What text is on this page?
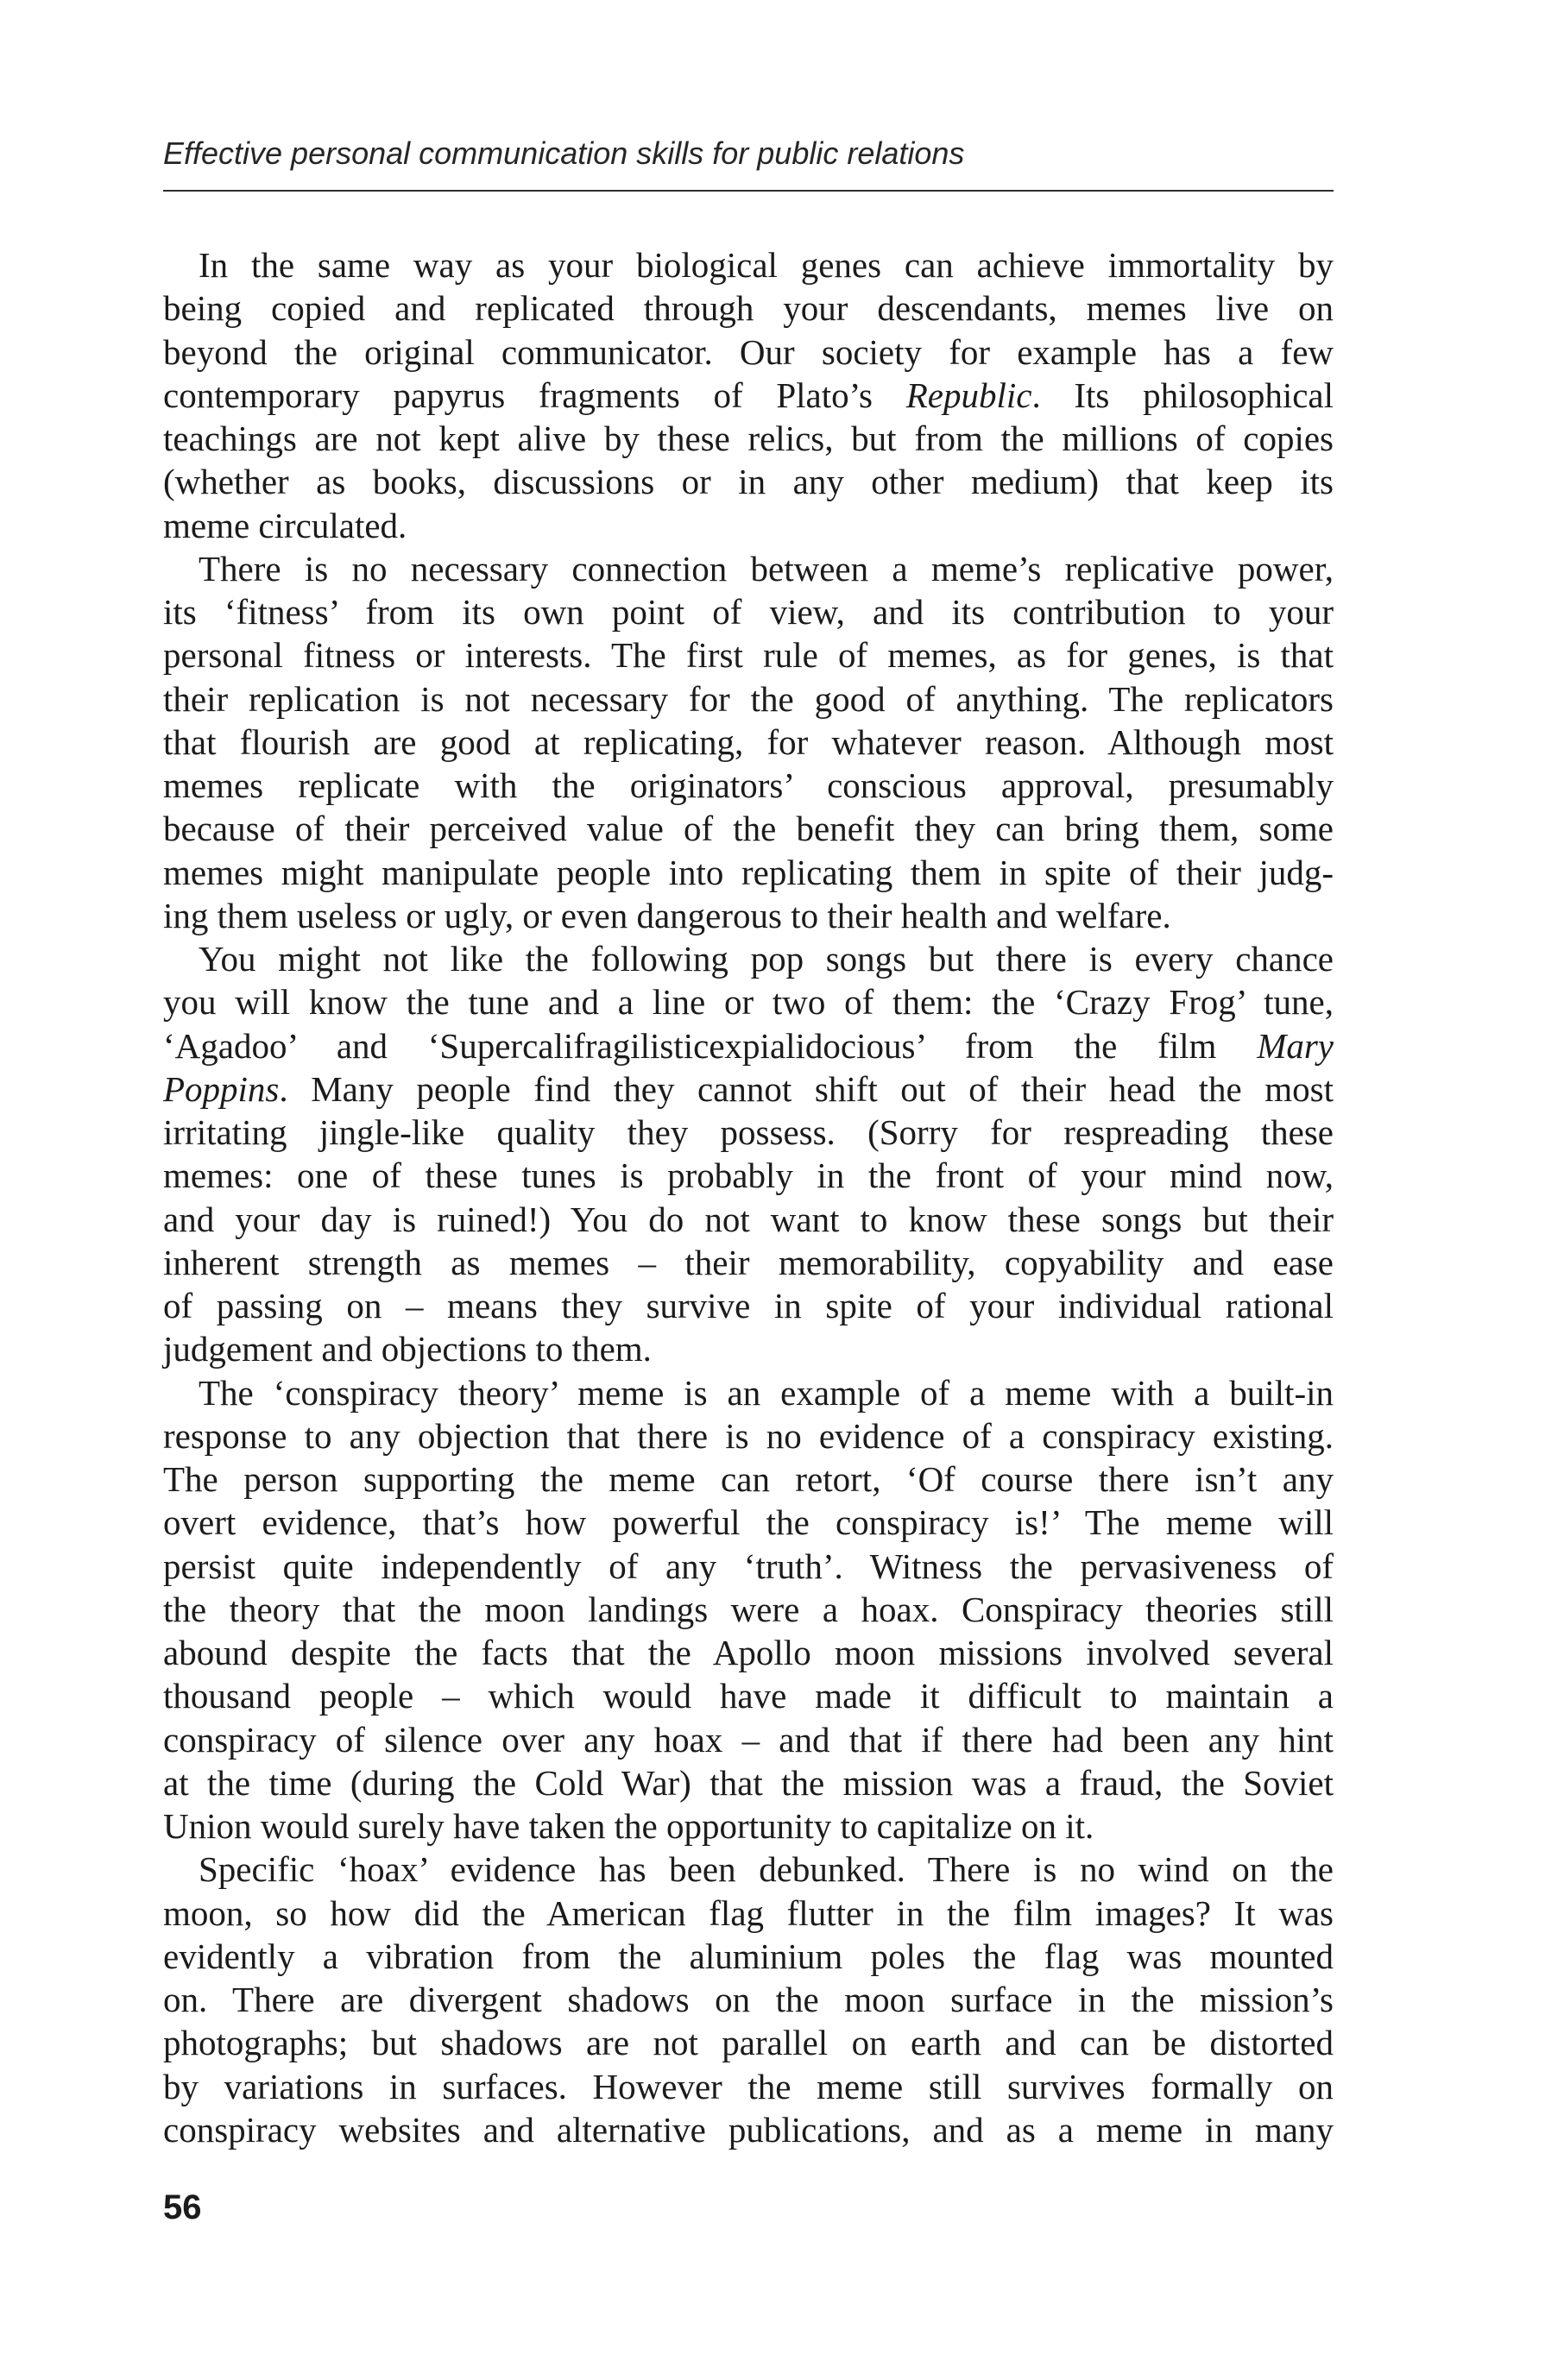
Effective personal communication skills for public relations
In the same way as your biological genes can achieve immortality by
being copied and replicated through your descendants, memes live on
beyond the original communicator. Our society for example has a few
contemporary papyrus fragments of Plato’s Republic. Its philosophical
teachings are not kept alive by these relics, but from the millions of copies
(whether as books, discussions or in any other medium) that keep its
meme circulated.
There is no necessary connection between a meme’s replicative power,
its ‘fitness’ from its own point of view, and its contribution to your
personal fitness or interests. The first rule of memes, as for genes, is that
their replication is not necessary for the good of anything. The replicators
that flourish are good at replicating, for whatever reason. Although most
memes replicate with the originators’ conscious approval, presumably
because of their perceived value of the benefit they can bring them, some
memes might manipulate people into replicating them in spite of their judg-
ing them useless or ugly, or even dangerous to their health and welfare.
You might not like the following pop songs but there is every chance
you will know the tune and a line or two of them: the ‘Crazy Frog’ tune,
‘Agadoo’ and ‘Supercalifragilisticexpialidocious’ from the film Mary
Poppins. Many people find they cannot shift out of their head the most
irritating jingle-like quality they possess. (Sorry for respreading these
memes: one of these tunes is probably in the front of your mind now,
and your day is ruined!) You do not want to know these songs but their
inherent strength as memes – their memorability, copyability and ease
of passing on – means they survive in spite of your individual rational
judgement and objections to them.
The ‘conspiracy theory’ meme is an example of a meme with a built-in
response to any objection that there is no evidence of a conspiracy existing.
The person supporting the meme can retort, ‘Of course there isn’t any
overt evidence, that’s how powerful the conspiracy is!’ The meme will
persist quite independently of any ‘truth’. Witness the pervasiveness of
the theory that the moon landings were a hoax. Conspiracy theories still
abound despite the facts that the Apollo moon missions involved several
thousand people – which would have made it difficult to maintain a
conspiracy of silence over any hoax – and that if there had been any hint
at the time (during the Cold War) that the mission was a fraud, the Soviet
Union would surely have taken the opportunity to capitalize on it.
Specific ‘hoax’ evidence has been debunked. There is no wind on the
moon, so how did the American flag flutter in the film images? It was
evidently a vibration from the aluminium poles the flag was mounted
on. There are divergent shadows on the moon surface in the mission’s
photographs; but shadows are not parallel on earth and can be distorted
by variations in surfaces. However the meme still survives formally on
conspiracy websites and alternative publications, and as a meme in many
56
